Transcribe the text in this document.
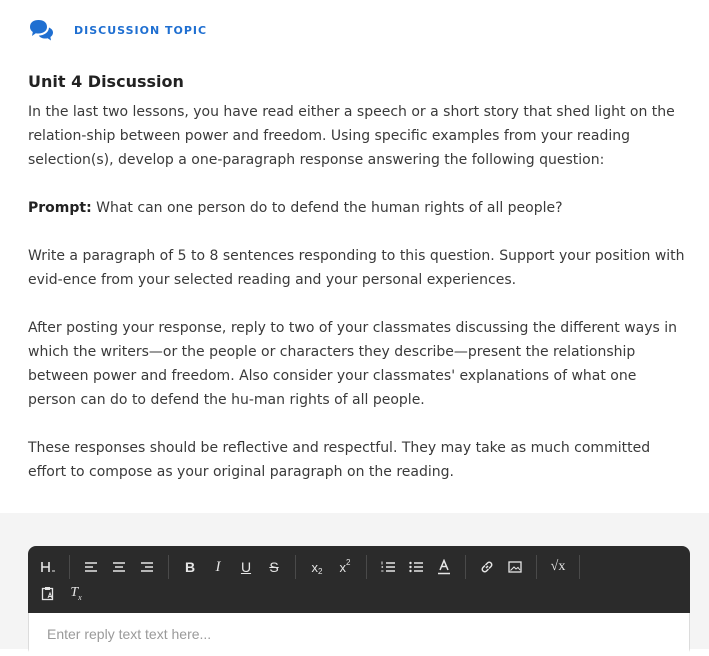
DISCUSSION TOPIC
Unit 4 Discussion

In the last two lessons, you have read either a speech or a short story that shed light on the relation-ship between power and freedom. Using specific examples from your reading selection(s), develop a one-paragraph response answering the following question:

Prompt: What can one person do to defend the human rights of all people?

Write a paragraph of 5 to 8 sentences responding to this question. Support your position with evid-ence from your selected reading and your personal experiences.

After posting your response, reply to two of your classmates discussing the different ways in which the writers—or the people or characters they describe—present the relationship between power and freedom. Also consider your classmates' explanations of what one person can do to defend the hu-man rights of all people.

These responses should be reflective and respectful. They may take as much committed effort to compose as your original paragraph on the reading.

B	I	U	S	x 2	x 2	√x
T x
Enter reply text text here...
